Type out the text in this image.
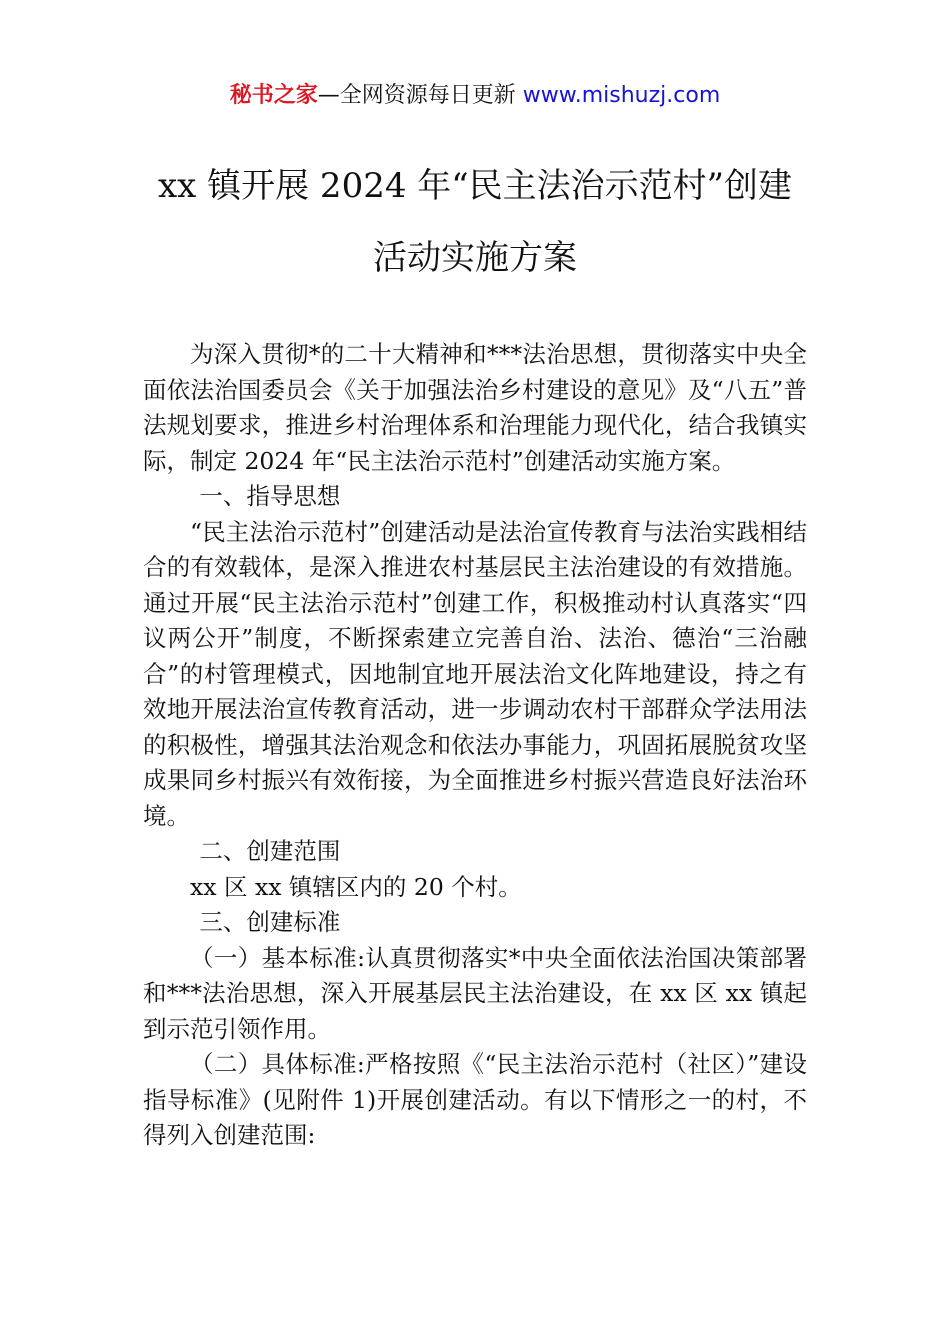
秘书之家—全网资源每日更新 www.mishuzj.com
xx 镇开展 2024 年“民主法治示范村”创建
活动实施方案

为深入贯彻*的二十大精神和***法治思想，贯彻落实中央全面依法治国委员会《关于加强法治乡村建设的意见》及“八五”普法规划要求，推进乡村治理体系和治理能力现代化，结合我镇实际，制定 2024 年“民主法治示范村”创建活动实施方案。

一、指导思想

“民主法治示范村”创建活动是法治宣传教育与法治实践相结合的有效载体，是深入推进农村基层民主法治建设的有效措施。通过开展“民主法治示范村”创建工作，积极推动村认真落实“四议两公开”制度，不断探索建立完善自治、法治、德治“三治融合”的村管理模式，因地制宜地开展法治文化阵地建设，持之有效地开展法治宣传教育活动，进一步调动农村干部群众学法用法的积极性，增强其法治观念和依法办事能力，巩固拓展脱贫攻坚成果同乡村振兴有效衔接，为全面推进乡村振兴营造良好法治环境。

二、创建范围

xx 区 xx 镇辖区内的 20 个村。

三、创建标准

（一）基本标准:认真贯彻落实*中央全面依法治国决策部署和***法治思想，深入开展基层民主法治建设，在 xx 区 xx 镇起到示范引领作用。

（二）具体标准:严格按照《“民主法治示范村（社区）”建设指导标准》(见附件 1)开展创建活动。有以下情形之一的村，不得列入创建范围:
